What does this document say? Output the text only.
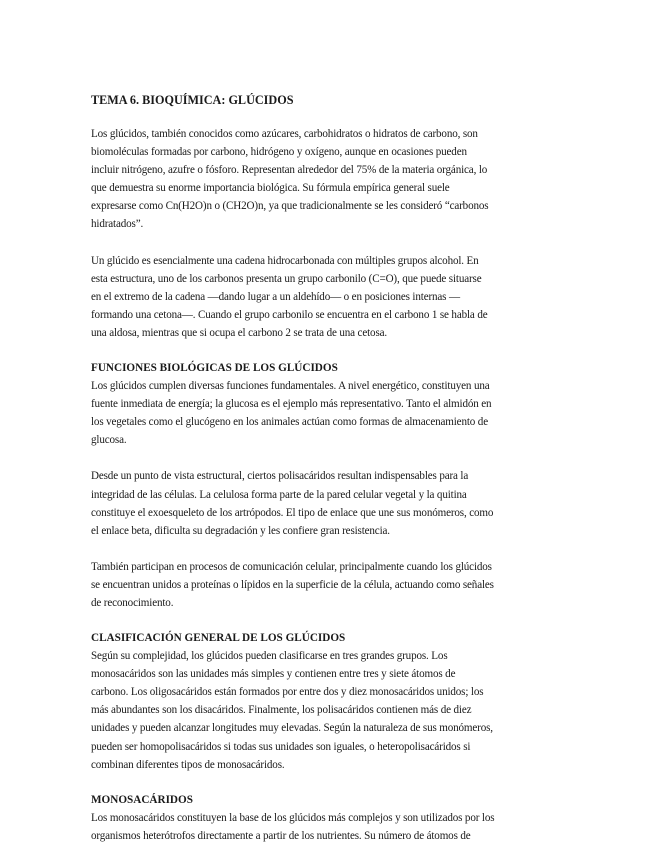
TEMA 6. BIOQUÍMICA: GLÚCIDOS
Los glúcidos, también conocidos como azúcares, carbohidratos o hidratos de carbono, son
biomoléculas formadas por carbono, hidrógeno y oxígeno, aunque en ocasiones pueden
incluir nitrógeno, azufre o fósforo. Representan alrededor del 75% de la materia orgánica, lo
que demuestra su enorme importancia biológica. Su fórmula empírica general suele
expresarse como Cn(H2O)n o (CH2O)n, ya que tradicionalmente se les consideró “carbonos
hidratados”.
Un glúcido es esencialmente una cadena hidrocarbonada con múltiples grupos alcohol. En
esta estructura, uno de los carbonos presenta un grupo carbonilo (C=O), que puede situarse
en el extremo de la cadena —dando lugar a un aldehído— o en posiciones internas —
formando una cetona—. Cuando el grupo carbonilo se encuentra en el carbono 1 se habla de
una aldosa, mientras que si ocupa el carbono 2 se trata de una cetosa.
FUNCIONES BIOLÓGICAS DE LOS GLÚCIDOS
Los glúcidos cumplen diversas funciones fundamentales. A nivel energético, constituyen una
fuente inmediata de energía; la glucosa es el ejemplo más representativo. Tanto el almidón en
los vegetales como el glucógeno en los animales actúan como formas de almacenamiento de
glucosa.
Desde un punto de vista estructural, ciertos polisacáridos resultan indispensables para la
integridad de las células. La celulosa forma parte de la pared celular vegetal y la quitina
constituye el exoesqueleto de los artrópodos. El tipo de enlace que une sus monómeros, como
el enlace beta, dificulta su degradación y les confiere gran resistencia.
También participan en procesos de comunicación celular, principalmente cuando los glúcidos
se encuentran unidos a proteínas o lípidos en la superficie de la célula, actuando como señales
de reconocimiento.
CLASIFICACIÓN GENERAL DE LOS GLÚCIDOS
Según su complejidad, los glúcidos pueden clasificarse en tres grandes grupos. Los
monosacáridos son las unidades más simples y contienen entre tres y siete átomos de
carbono. Los oligosacáridos están formados por entre dos y diez monosacáridos unidos; los
más abundantes son los disacáridos. Finalmente, los polisacáridos contienen más de diez
unidades y pueden alcanzar longitudes muy elevadas. Según la naturaleza de sus monómeros,
pueden ser homopolisacáridos si todas sus unidades son iguales, o heteropolisacáridos si
combinan diferentes tipos de monosacáridos.
MONOSACÁRIDOS
Los monosacáridos constituyen la base de los glúcidos más complejos y son utilizados por los
organismos heterótrofos directamente a partir de los nutrientes. Su número de átomos de
